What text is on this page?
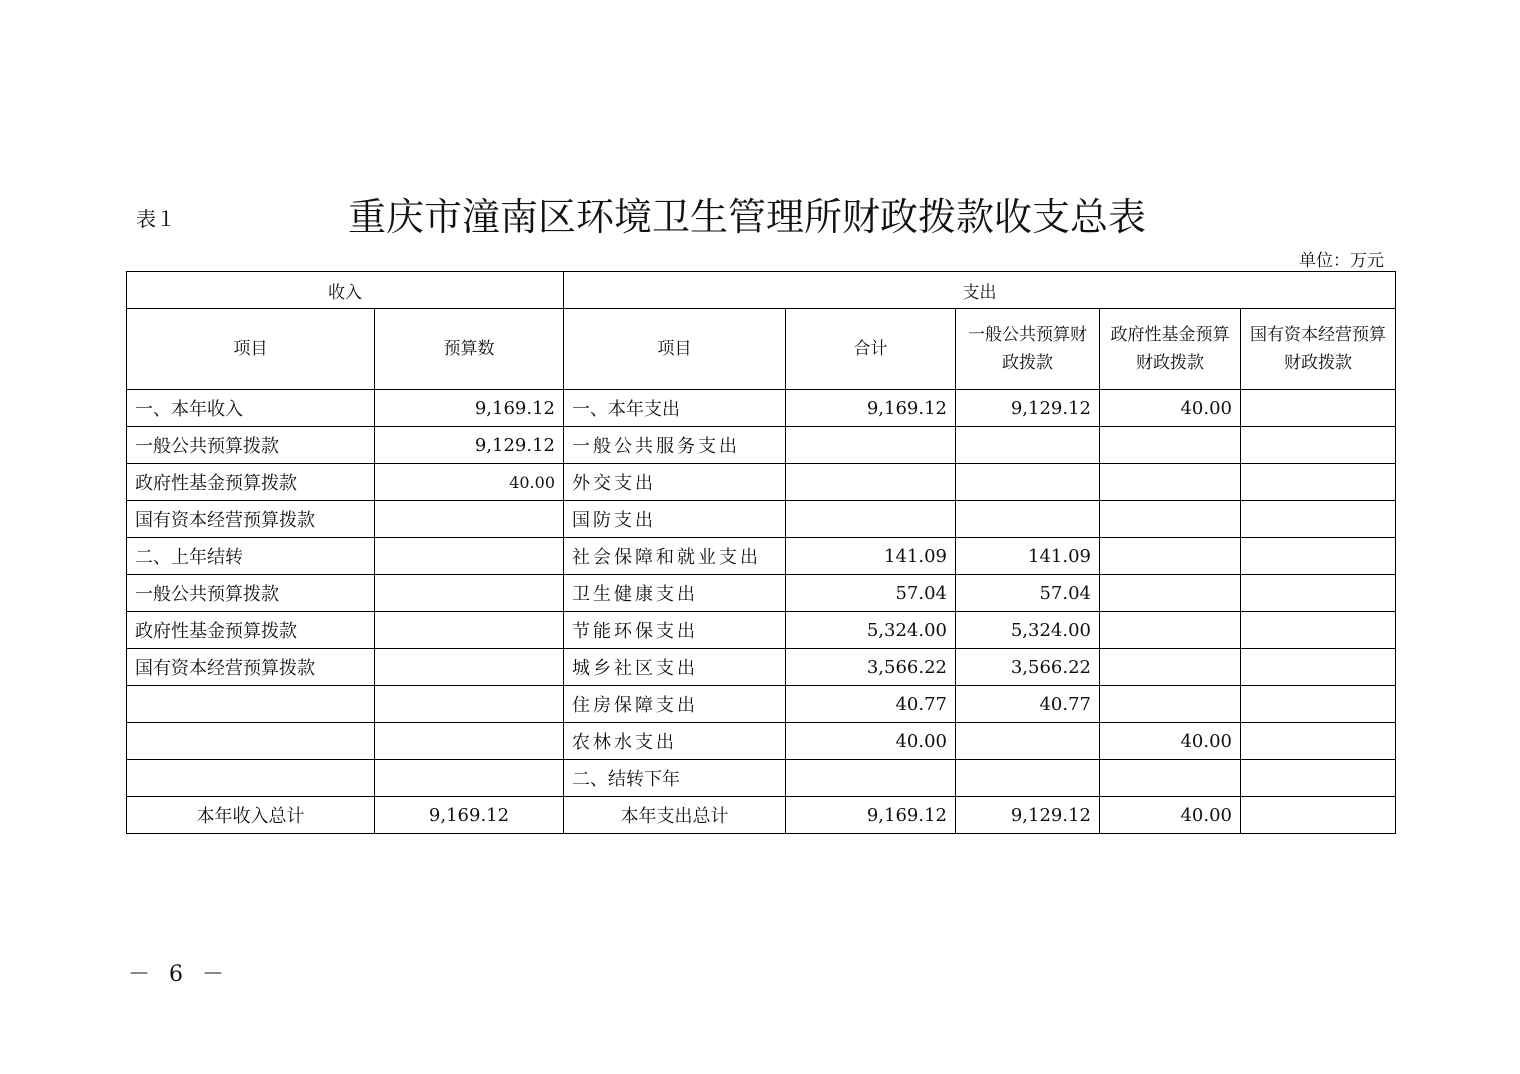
表１	重庆市潼南区环境卫生管理所财政拨款收支总表
单位：万元
收入		支出				
项目	预算数	项目	合计	一般公共预算财政拨款	政府性基金预算财政拨款	国有资本经营预算财政拨款
一、本年收入	9,169.12	一、本年支出	9,169.12	9,129.12	40.00	
一般公共预算拨款	9,129.12	一般公共服务支出				
政府性基金预算拨款	40.00	外交支出				
国有资本经营预算拨款		国防支出				
二、上年结转		社会保障和就业支出	141.09	141.09		
一般公共预算拨款		卫生健康支出	57.04	57.04		
政府性基金预算拨款		节能环保支出	5,324.00	5,324.00		
国有资本经营预算拨款		城乡社区支出	3,566.22	3,566.22		
		住房保障支出	40.77	40.77		
		农林水支出	40.00		40.00	
		二、结转下年				
本年收入总计	9,169.12	本年支出总计	9,169.12	9,129.12	40.00	
－ 6 －
